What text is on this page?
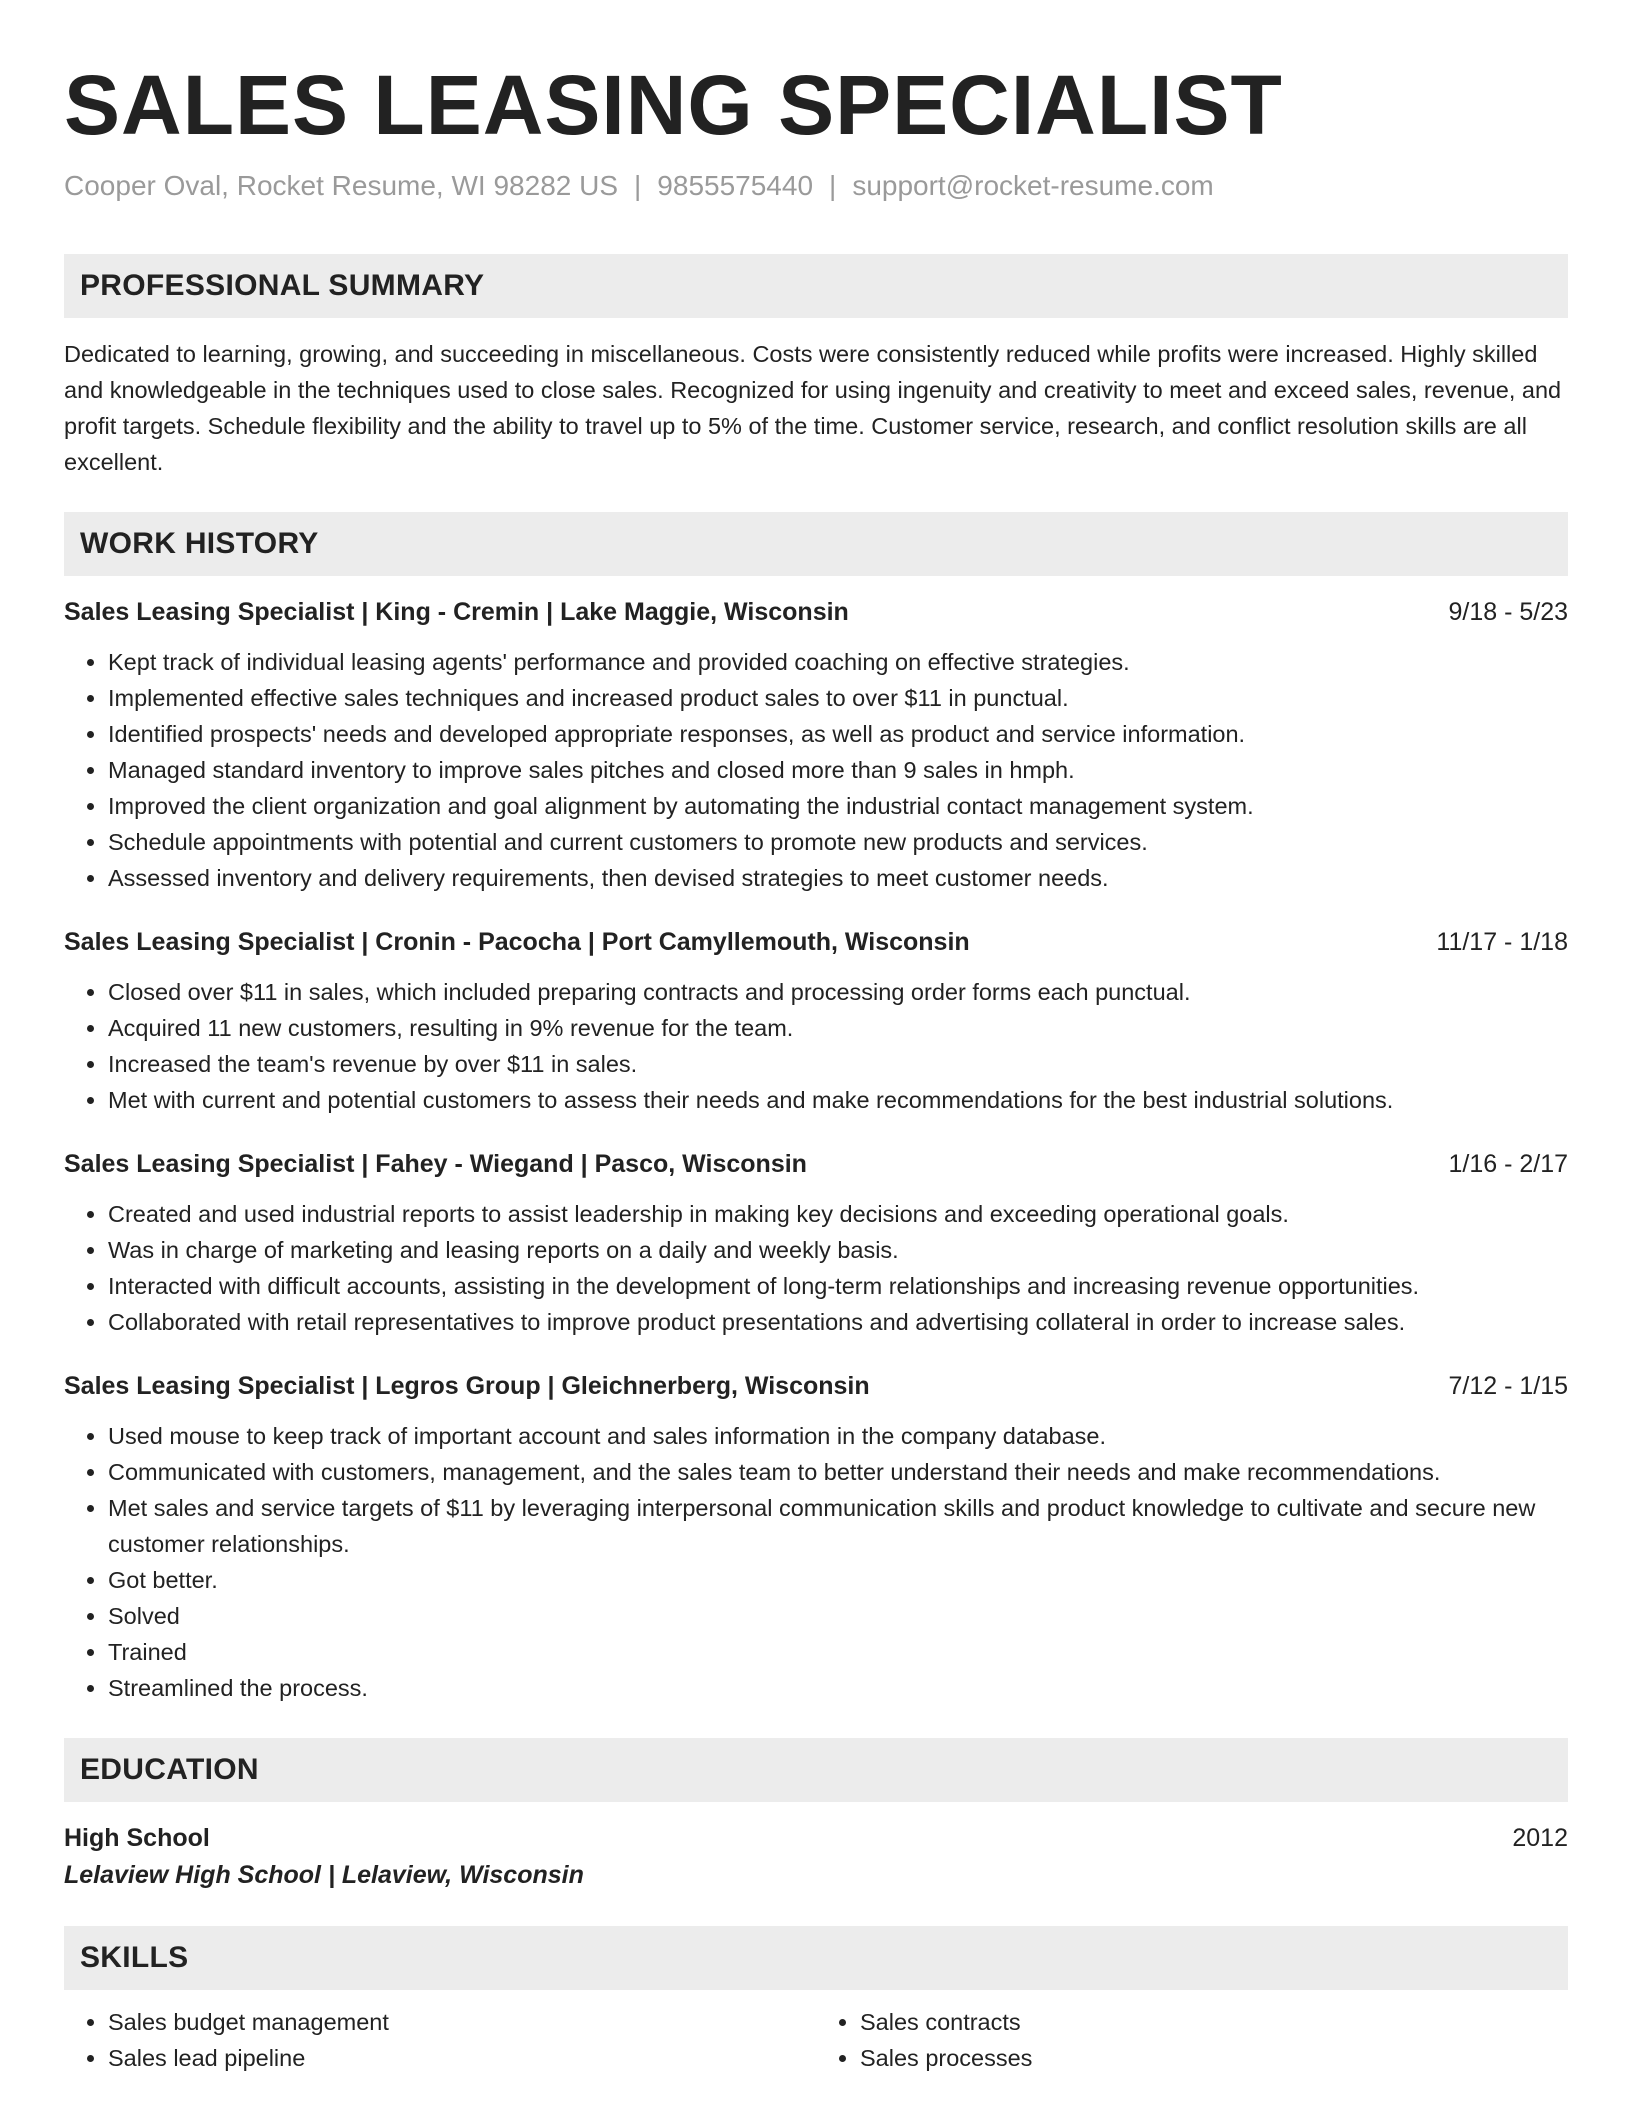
SALES LEASING SPECIALIST
Cooper Oval, Rocket Resume, WI 98282 US | 9855575440 | support@rocket-resume.com
PROFESSIONAL SUMMARY
Dedicated to learning, growing, and succeeding in miscellaneous. Costs were consistently reduced while profits were increased. Highly skilled and knowledgeable in the techniques used to close sales. Recognized for using ingenuity and creativity to meet and exceed sales, revenue, and profit targets. Schedule flexibility and the ability to travel up to 5% of the time. Customer service, research, and conflict resolution skills are all excellent.
WORK HISTORY
Sales Leasing Specialist | King - Cremin | Lake Maggie, Wisconsin	9/18 - 5/23
• Kept track of individual leasing agents' performance and provided coaching on effective strategies.
• Implemented effective sales techniques and increased product sales to over $11 in punctual.
• Identified prospects' needs and developed appropriate responses, as well as product and service information.
• Managed standard inventory to improve sales pitches and closed more than 9 sales in hmph.
• Improved the client organization and goal alignment by automating the industrial contact management system.
• Schedule appointments with potential and current customers to promote new products and services.
• Assessed inventory and delivery requirements, then devised strategies to meet customer needs.
Sales Leasing Specialist | Cronin - Pacocha | Port Camyllemouth, Wisconsin	11/17 - 1/18
• Closed over $11 in sales, which included preparing contracts and processing order forms each punctual.
• Acquired 11 new customers, resulting in 9% revenue for the team.
• Increased the team's revenue by over $11 in sales.
• Met with current and potential customers to assess their needs and make recommendations for the best industrial solutions.
Sales Leasing Specialist | Fahey - Wiegand | Pasco, Wisconsin	1/16 - 2/17
• Created and used industrial reports to assist leadership in making key decisions and exceeding operational goals.
• Was in charge of marketing and leasing reports on a daily and weekly basis.
• Interacted with difficult accounts, assisting in the development of long-term relationships and increasing revenue opportunities.
• Collaborated with retail representatives to improve product presentations and advertising collateral in order to increase sales.
Sales Leasing Specialist | Legros Group | Gleichnerberg, Wisconsin	7/12 - 1/15
• Used mouse to keep track of important account and sales information in the company database.
• Communicated with customers, management, and the sales team to better understand their needs and make recommendations.
• Met sales and service targets of $11 by leveraging interpersonal communication skills and product knowledge to cultivate and secure new customer relationships.
• Got better.
• Solved
• Trained
• Streamlined the process.
EDUCATION
High School	2012
Lelaview High School | Lelaview, Wisconsin
SKILLS
• Sales budget management
• Sales lead pipeline
• Sales contracts
• Sales processes
